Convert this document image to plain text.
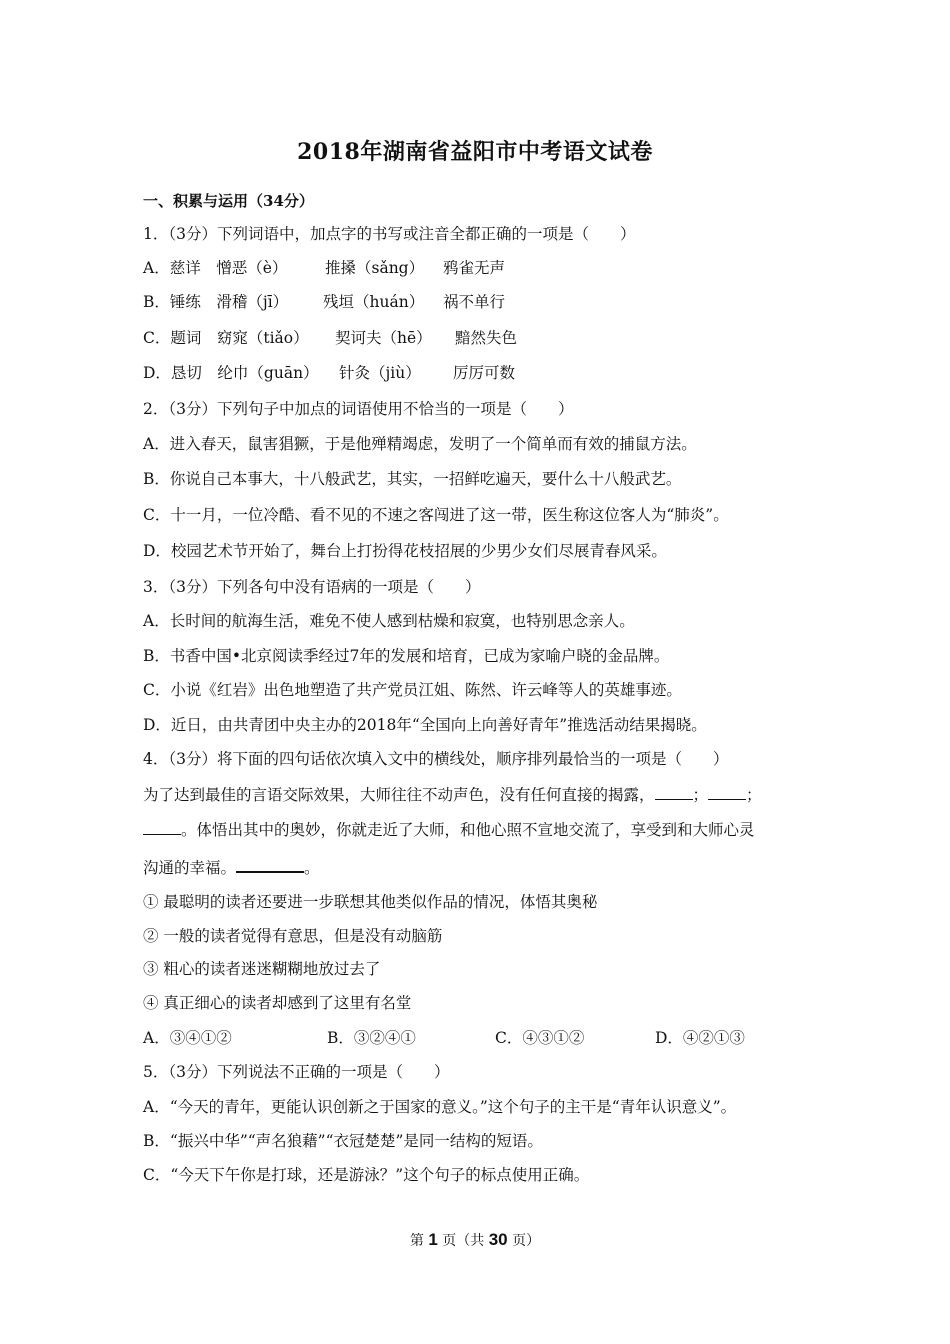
2018年湖南省益阳市中考语文试卷
一、积累与运用（34分）
1．（3分）下列词语中，加点字的书写或注音全都正确的一项是（　　）
A．慈详　憎恶（è） 推搡（sǎng） 鸦雀无声
B．锤练　滑稽（jī） 残垣（huán） 祸不单行
C．题词　窈窕（tiǎo） 契诃夫（hē） 黯然失色
D．恳切　纶巾（guān） 针灸（jiù） 厉厉可数
2．（3分）下列句子中加点的词语使用不恰当的一项是（　　）
A．进入春天，鼠害猖獗，于是他殚精竭虑，发明了一个简单而有效的捕鼠方法。
B．你说自己本事大，十八般武艺，其实，一招鲜吃遍天，要什么十八般武艺。
C．十一月，一位冷酷、看不见的不速之客闯进了这一带，医生称这位客人为“肺炎”。
D．校园艺术节开始了，舞台上打扮得花枝招展的少男少女们尽展青春风采。
3．（3分）下列各句中没有语病的一项是（　　）
A．长时间的航海生活，难免不使人感到枯燥和寂寞，也特别思念亲人。
B．书香中国•北京阅读季经过7年的发展和培育，已成为家喻户晓的金品牌。
C．小说《红岩》出色地塑造了共产党员江姐、陈然、许云峰等人的英雄事迹。
D．近日，由共青团中央主办的2018年“全国向上向善好青年”推选活动结果揭晓。
4．（3分）将下面的四句话依次填入文中的横线处，顺序排列最恰当的一项是（　　）
为了达到最佳的言语交际效果，大师往往不动声色，没有任何直接的揭露， ； ；
。体悟出其中的奥妙，你就走近了大师，和他心照不宣地交流了，享受到和大师心灵
沟通的幸福。	。
① 最聪明的读者还要进一步联想其他类似作品的情况，体悟其奥秘
② 一般的读者觉得有意思，但是没有动脑筋
③ 粗心的读者迷迷糊糊地放过去了
④ 真正细心的读者却感到了这里有名堂
A．③④①②	B．③②④①	C．④③①②	D．④②①③
5．（3分）下列说法不正确的一项是（　　）
A．“今天的青年，更能认识创新之于国家的意义。”这个句子的主干是“青年认识意义”。
B．“振兴中华”“声名狼藉”“衣冠楚楚”是同一结构的短语。
C．“今天下午你是打球，还是游泳？”这个句子的标点使用正确。
第 1 页（共 30 页）
